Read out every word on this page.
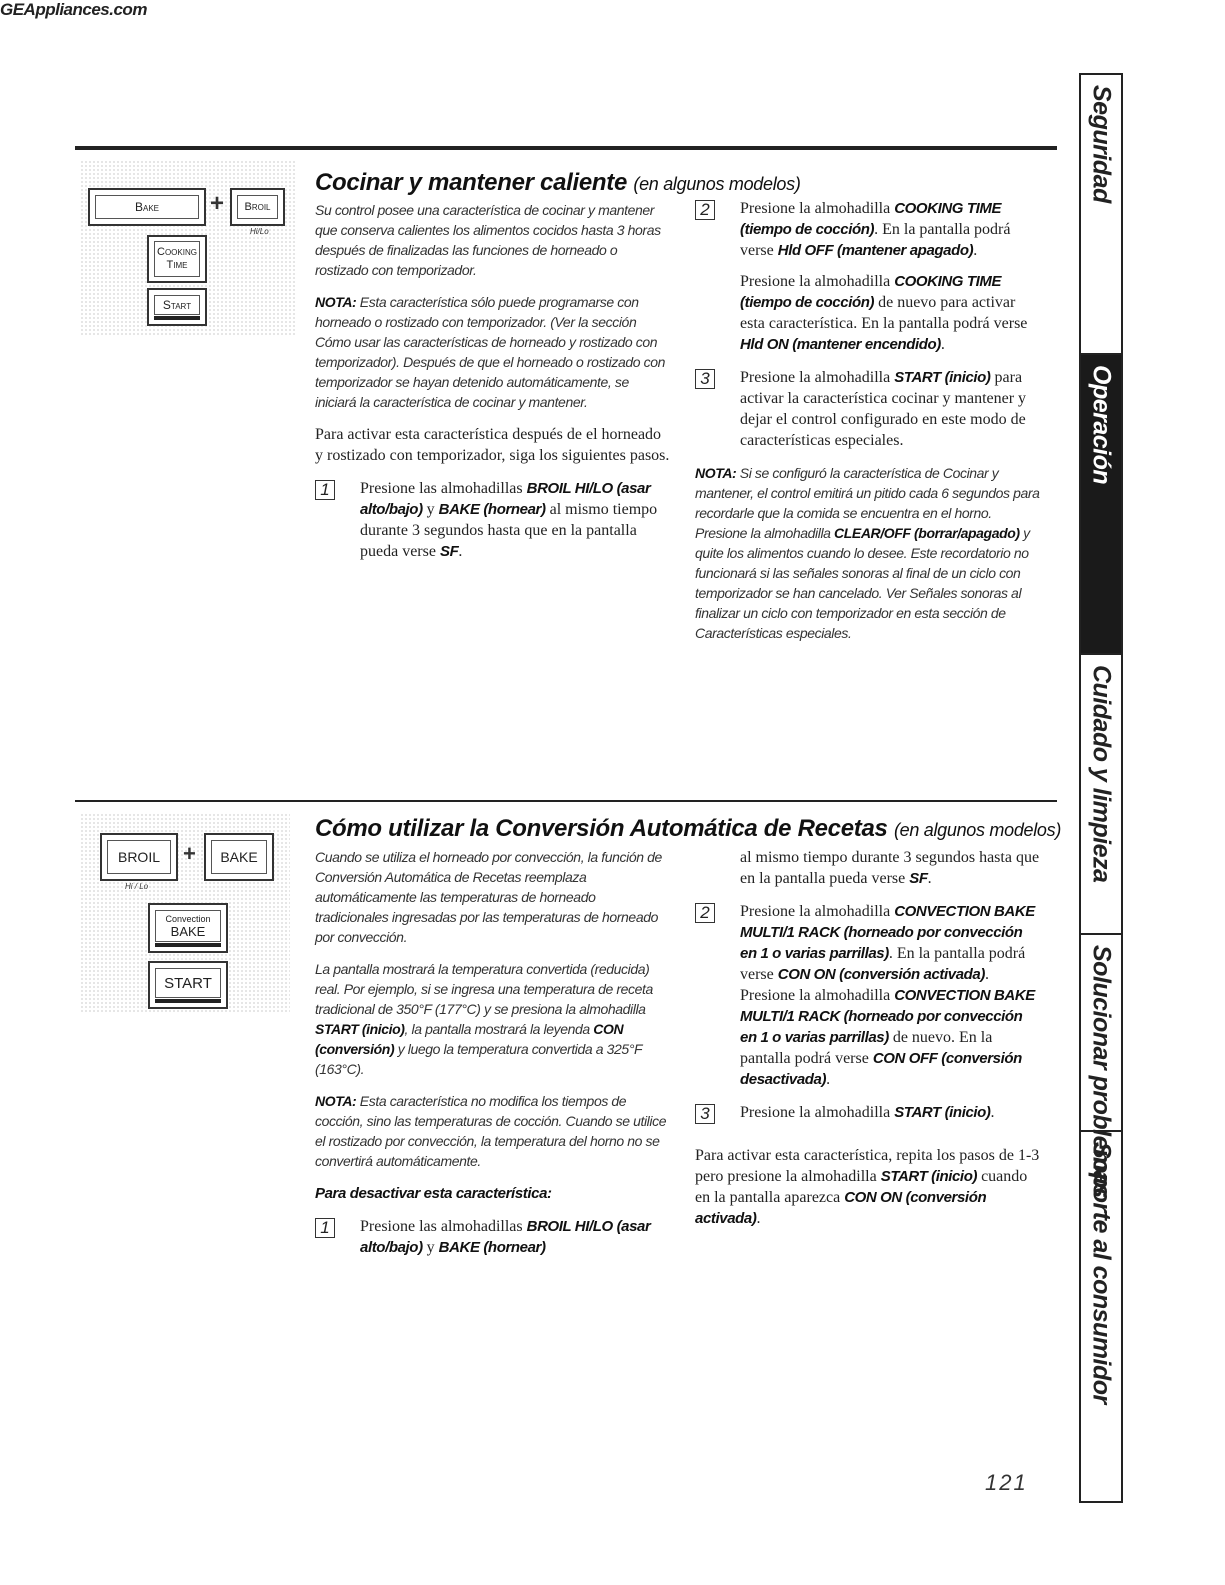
GEAppliances.com
Seguridad
Operación
Cuidado y limpieza
Solucionar problemas
Soporte al consumidor
Bake + Broil
Hi/Lo
Cooking
Time
Start
Cocinar y mantener caliente (en algunos modelos)

Su control posee una característica de cocinar y mantener que conserva calientes los alimentos cocidos hasta 3 horas después de finalizadas las funciones de horneado o rostizado con temporizador.

NOTA: Esta característica sólo puede programarse con horneado o rostizado con temporizador. (Ver la sección Cómo usar las características de horneado y rostizado con temporizador). Después de que el horneado o rostizado con temporizador se hayan detenido automáticamente, se iniciará la característica de cocinar y mantener.

Para activar esta característica después de el horneado y rostizado con temporizador, siga los siguientes pasos.

1	Presione las almohadillas BROIL HI/LO (asar alto/bajo) y BAKE (hornear) al mismo tiempo durante 3 segundos hasta que en la pantalla pueda verse SF.
2	Presione la almohadilla COOKING TIME (tiempo de cocción). En la pantalla podrá verse Hld OFF (mantener apagado).

Presione la almohadilla COOKING TIME (tiempo de cocción) de nuevo para activar esta característica. En la pantalla podrá verse Hld ON (mantener encendido).

3	Presione la almohadilla START (inicio) para activar la característica cocinar y mantener y dejar el control configurado en este modo de características especiales.

NOTA: Si se configuró la característica de Cocinar y mantener, el control emitirá un pitido cada 6 segundos para recordarle que la comida se encuentra en el horno. Presione la almohadilla CLEAR/OFF (borrar/apagado) y quite los alimentos cuando lo desee. Este recordatorio no funcionará si las señales sonoras al final de un ciclo con temporizador se han cancelado. Ver Señales sonoras al finalizar un ciclo con temporizador en esta sección de Características especiales.

BROIL
Hi / Lo
+ BAKE
Convection
BAKE
START
Cómo utilizar la Conversión Automática de Recetas (en algunos modelos)

Cuando se utiliza el horneado por convección, la función de Conversión Automática de Recetas reemplaza automáticamente las temperaturas de horneado tradicionales ingresadas por las temperaturas de horneado por convección.

La pantalla mostrará la temperatura convertida (reducida) real. Por ejemplo, si se ingresa una temperatura de receta tradicional de 350°F (177°C) y se presiona la almohadilla START (inicio), la pantalla mostrará la leyenda CON (conversión) y luego la temperatura convertida a 325°F (163°C).

NOTA: Esta característica no modifica los tiempos de cocción, sino las temperaturas de cocción. Cuando se utilice el rostizado por convección, la temperatura del horno no se convertirá automáticamente.

Para desactivar esta característica:

1	Presione las almohadillas BROIL HI/LO (asar alto/bajo) y BAKE (hornear)

al mismo tiempo durante 3 segundos hasta que en la pantalla pueda verse SF.

2	Presione la almohadilla CONVECTION BAKE MULTI/1 RACK (horneado por convección en 1 o varias parrillas). En la pantalla podrá verse CON ON (conversión activada). Presione la almohadilla CONVECTION BAKE MULTI/1 RACK (horneado por convección en 1 o varias parrillas) de nuevo. En la pantalla podrá verse CON OFF (conversión desactivada).
3	Presione la almohadilla START (inicio).

Para activar esta característica, repita los pasos de 1-3 pero presione la almohadilla START (inicio) cuando en la pantalla aparezca CON ON (conversión activada).

121
